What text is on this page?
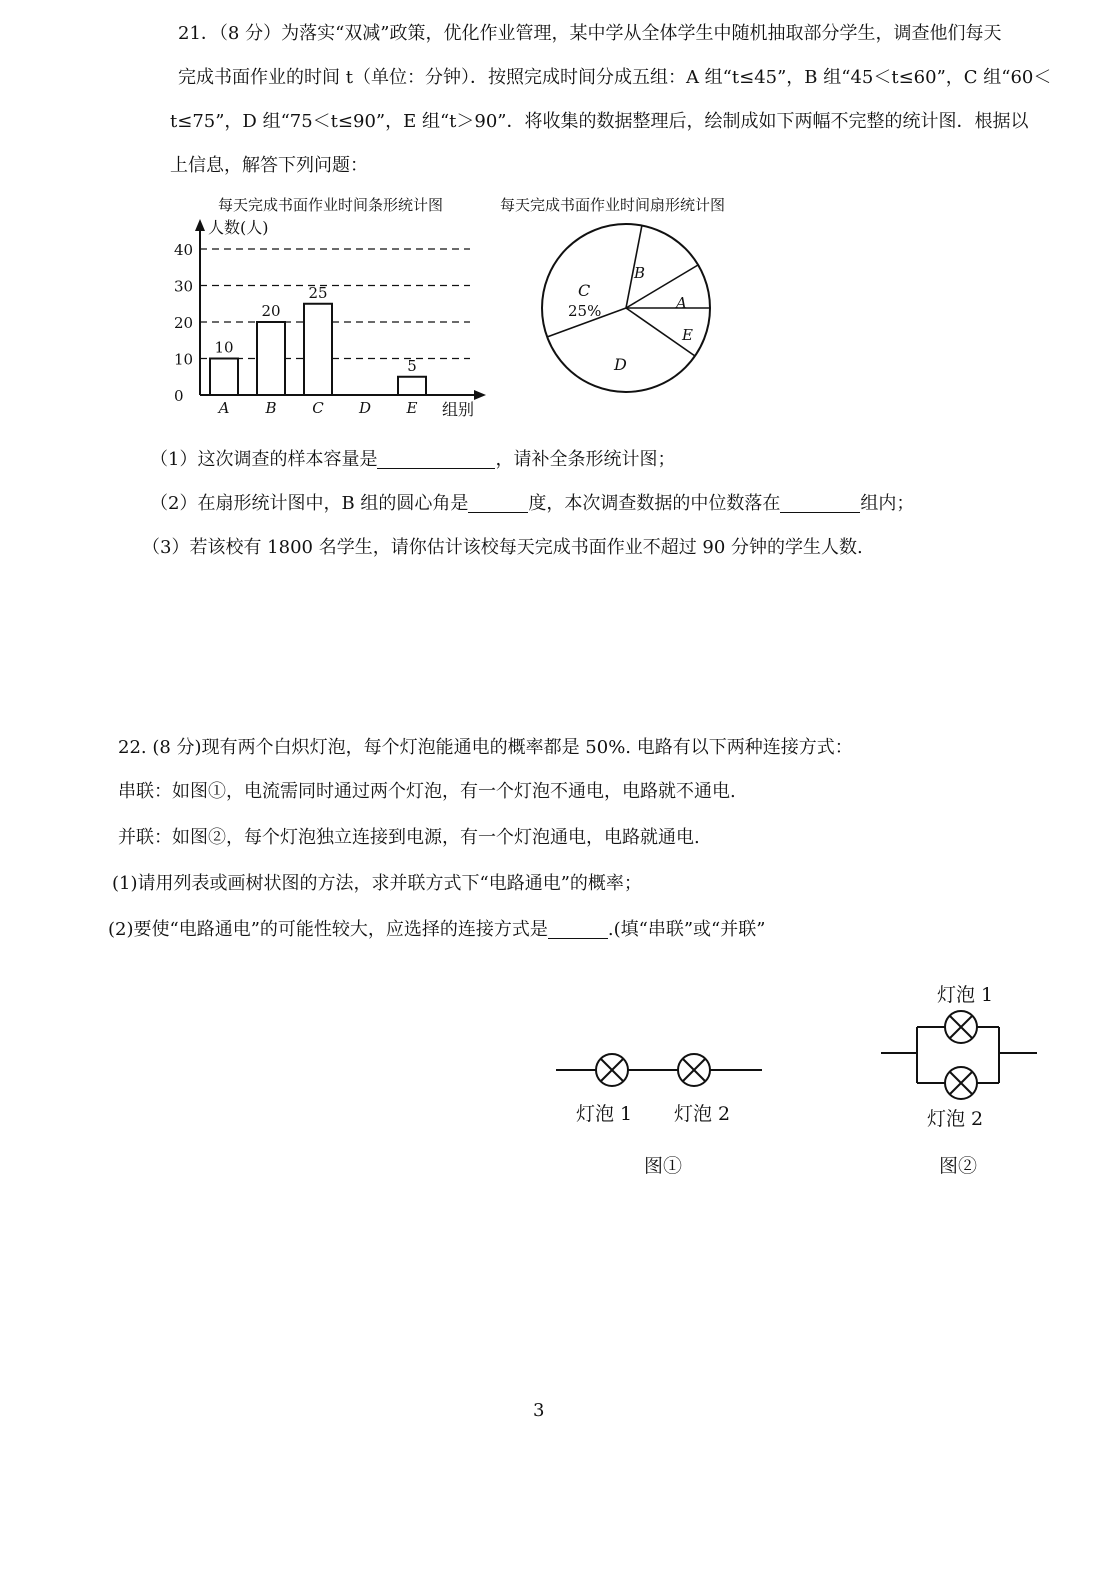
21．（8 分）为落实“双减”政策，优化作业管理，某中学从全体学生中随机抽取部分学生，调查他们每天
完成书面作业的时间 t（单位：分钟）．按照完成时间分成五组：A 组“t≤45”，B 组“45＜t≤60”，C 组“60＜
t≤75”，D 组“75＜t≤90”，E 组“t＞90”．将收集的数据整理后，绘制成如下两幅不完整的统计图．根据以
上信息，解答下列问题：
每天完成书面作业时间条形统计图	每天完成书面作业时间扇形统计图
人数(人)
组别
0
10
20
30
40
10
20
25
5
A B C D E
C
25%
B
A
E
D
（1）这次调查的样本容量是	，请补全条形统计图；
（2）在扇形统计图中，B 组的圆心角是	度，本次调查数据的中位数落在	组内；
（3）若该校有 1800 名学生，请你估计该校每天完成书面作业不超过 90 分钟的学生人数.
22. (8 分)现有两个白炽灯泡，每个灯泡能通电的概率都是 50%. 电路有以下两种连接方式：
串联：如图①，电流需同时通过两个灯泡，有一个灯泡不通电，电路就不通电.
并联：如图②，每个灯泡独立连接到电源，有一个灯泡通电，电路就通电.
(1)请用列表或画树状图的方法，求并联方式下“电路通电”的概率；
(2)要使“电路通电”的可能性较大，应选择的连接方式是	.(填“串联”或“并联”
灯泡 1 灯泡 2
图①
灯泡 1
灯泡 2
图②
3
